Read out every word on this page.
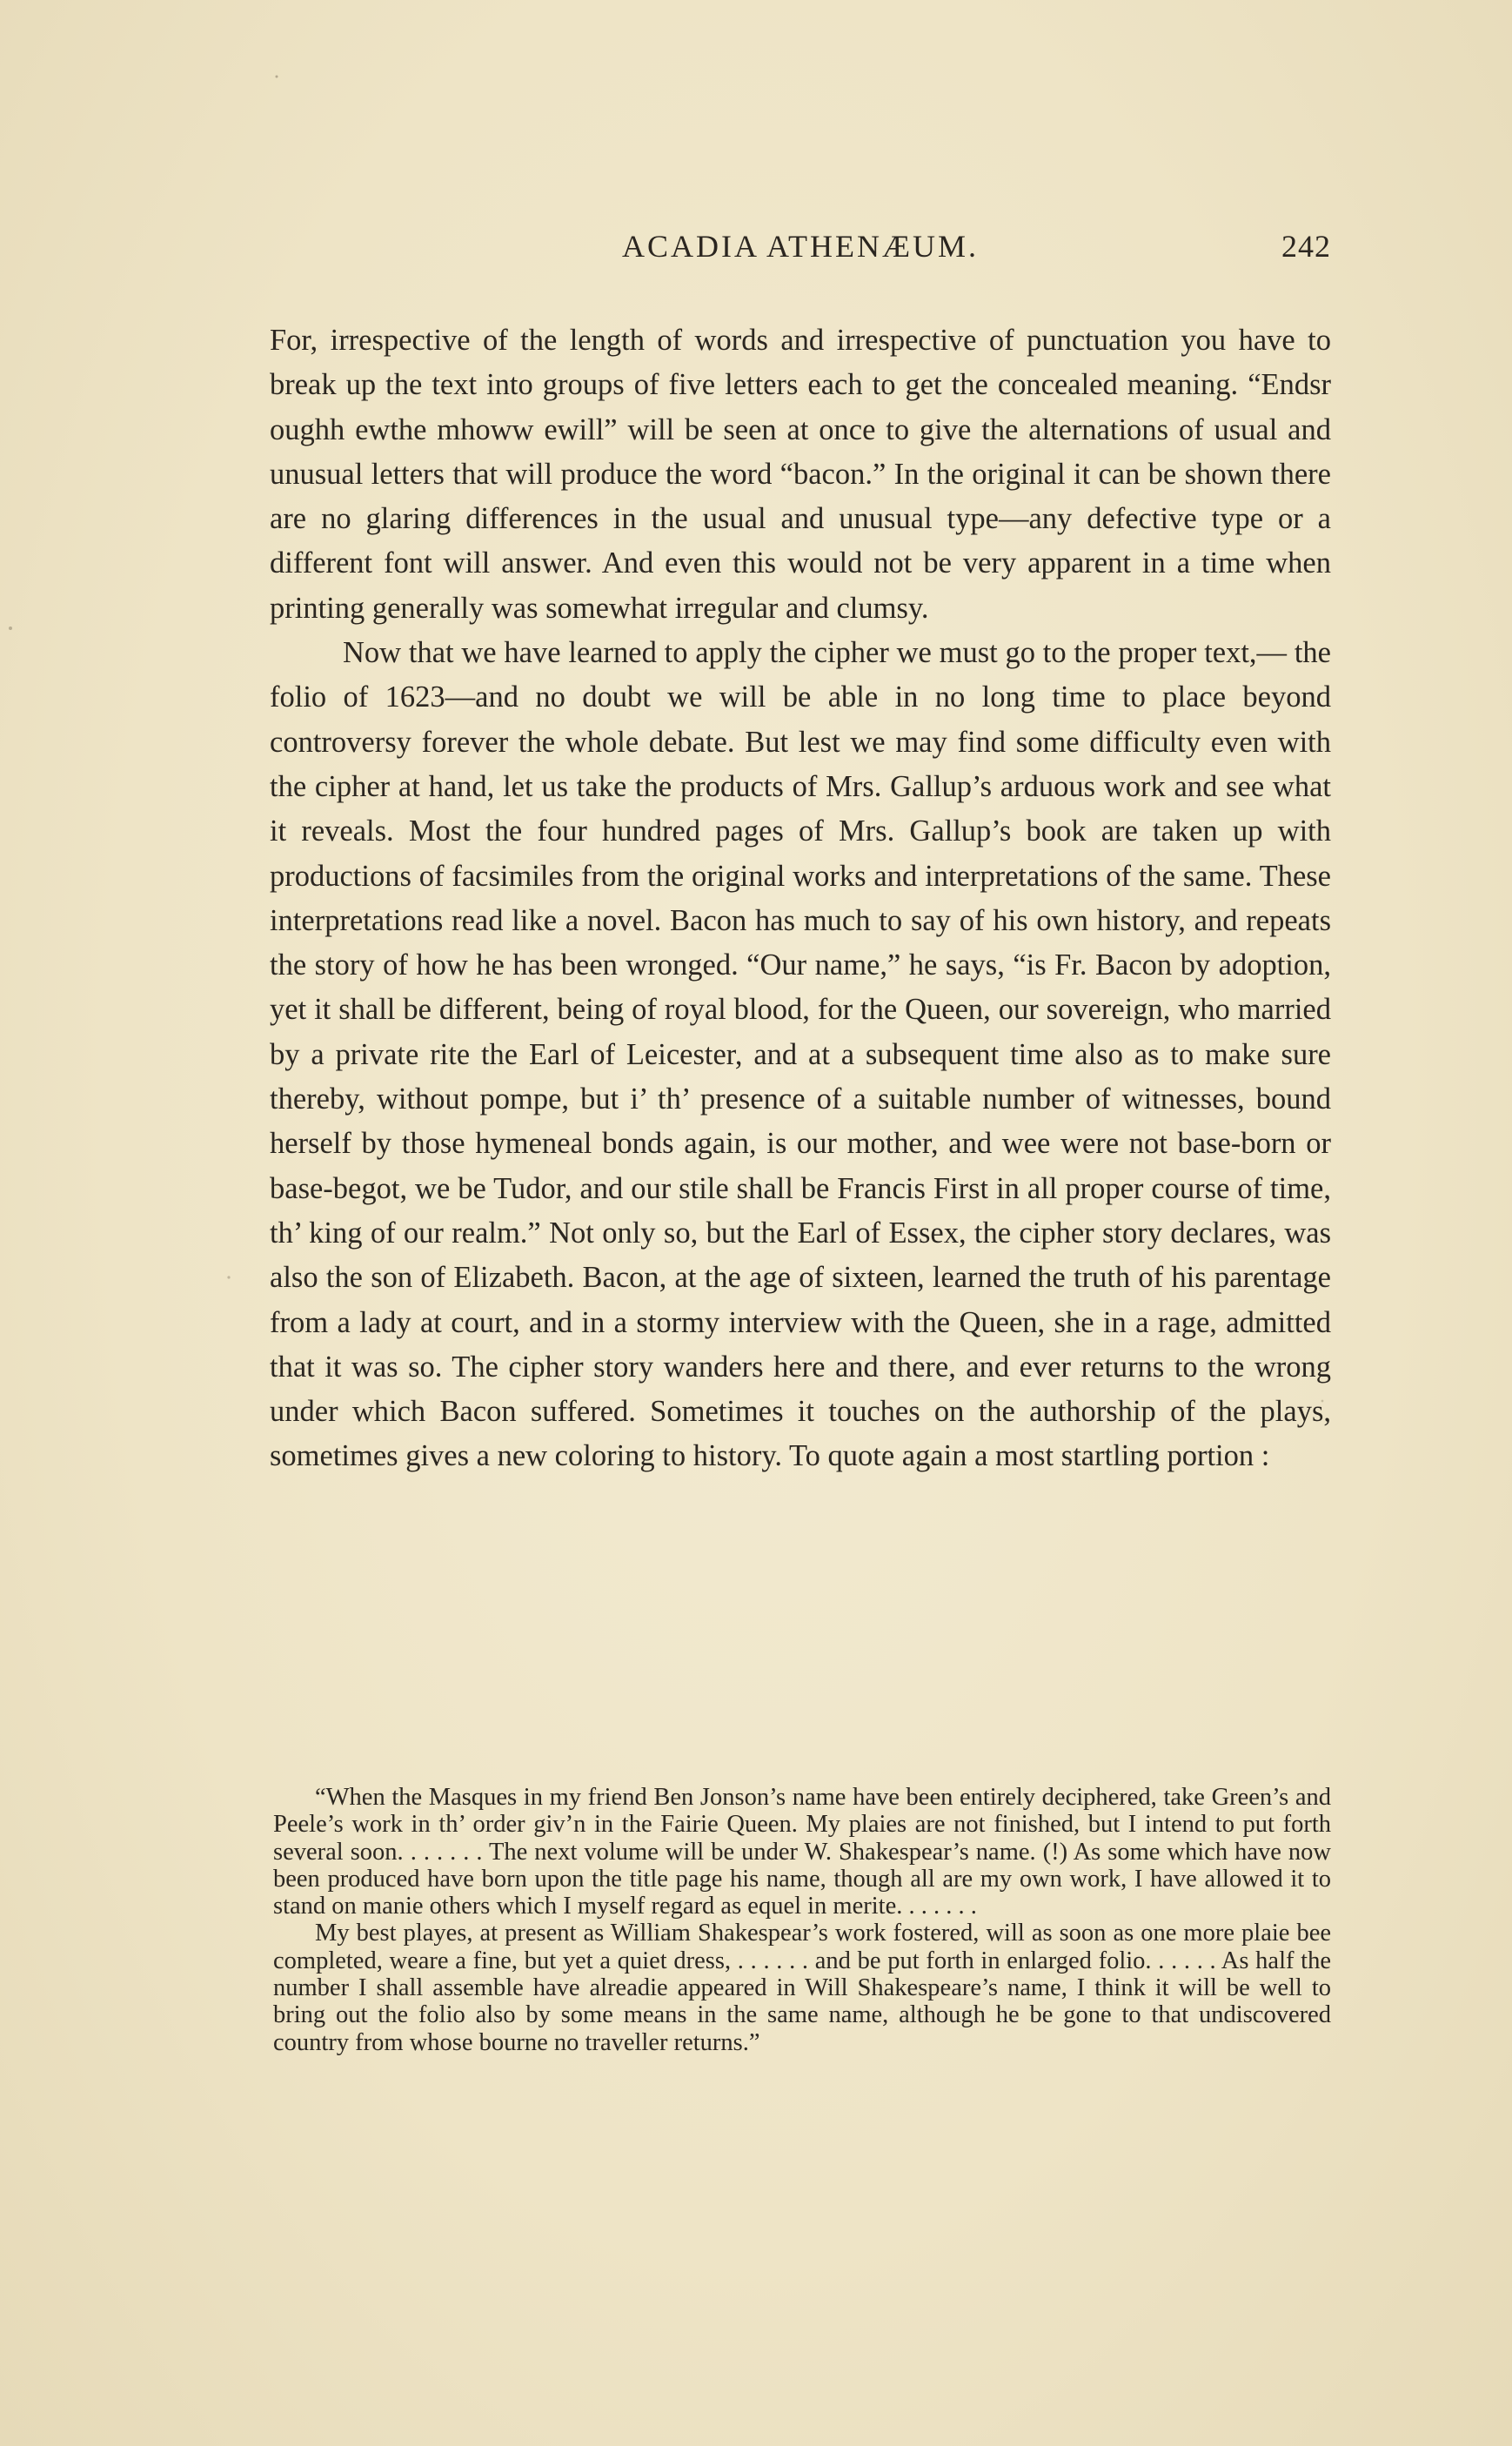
ACADIA ATHENÆUM.	242

For, irrespective of the length of words and irrespective of punctuation you have to break up the text into groups of five letters each to get the concealed meaning. “Endsr oughh ewthe mhoww ewill” will be seen at once to give the alternations of usual and unusual letters that will produce the word “bacon.” In the original it can be shown there are no glaring differences in the usual and unusual type—any defective type or a different font will answer. And even this would not be very apparent in a time when printing generally was somewhat irregular and clumsy.

Now that we have learned to apply the cipher we must go to the proper text,— the folio of 1623—and no doubt we will be able in no long time to place beyond controversy forever the whole debate. But lest we may find some difficulty even with the cipher at hand, let us take the products of Mrs. Gallup’s arduous work and see what it reveals. Most the four hundred pages of Mrs. Gallup’s book are taken up with productions of facsimiles from the original works and interpretations of the same. These interpretations read like a novel. Bacon has much to say of his own history, and repeats the story of how he has been wronged. “Our name,” he says, “is Fr. Bacon by adoption, yet it shall be different, being of royal blood, for the Queen, our sovereign, who married by a private rite the Earl of Leicester, and at a subsequent time also as to make sure thereby, without pompe, but i’ th’ presence of a suitable number of witnesses, bound herself by those hymeneal bonds again, is our mother, and wee were not base-born or base-begot, we be Tudor, and our stile shall be Francis First in all proper course of time, th’ king of our realm.” Not only so, but the Earl of Essex, the cipher story declares, was also the son of Elizabeth. Bacon, at the age of sixteen, learned the truth of his parentage from a lady at court, and in a stormy interview with the Queen, she in a rage, admitted that it was so. The cipher story wanders here and there, and ever returns to the wrong under which Bacon suffered. Sometimes it touches on the authorship of the plays, sometimes gives a new coloring to history. To quote again a most startling portion :

“When the Masques in my friend Ben Jonson’s name have been entirely deciphered, take Green’s and Peele’s work in th’ order giv’n in the Fairie Queen. My plaies are not finished, but I intend to put forth several soon. . . . . . . The next volume will be under W. Shakespear’s name. (!) As some which have now been produced have born upon the title page his name, though all are my own work, I have allowed it to stand on manie others which I myself regard as equel in merite. . . . . . .

My best playes, at present as William Shakespear’s work fostered, will as soon as one more plaie bee completed, weare a fine, but yet a quiet dress, . . . . . . and be put forth in enlarged folio. . . . . . As half the number I shall assemble have alreadie appeared in Will Shakespeare’s name, I think it will be well to bring out the folio also by some means in the same name, although he be gone to that undiscovered country from whose bourne no traveller returns.”
